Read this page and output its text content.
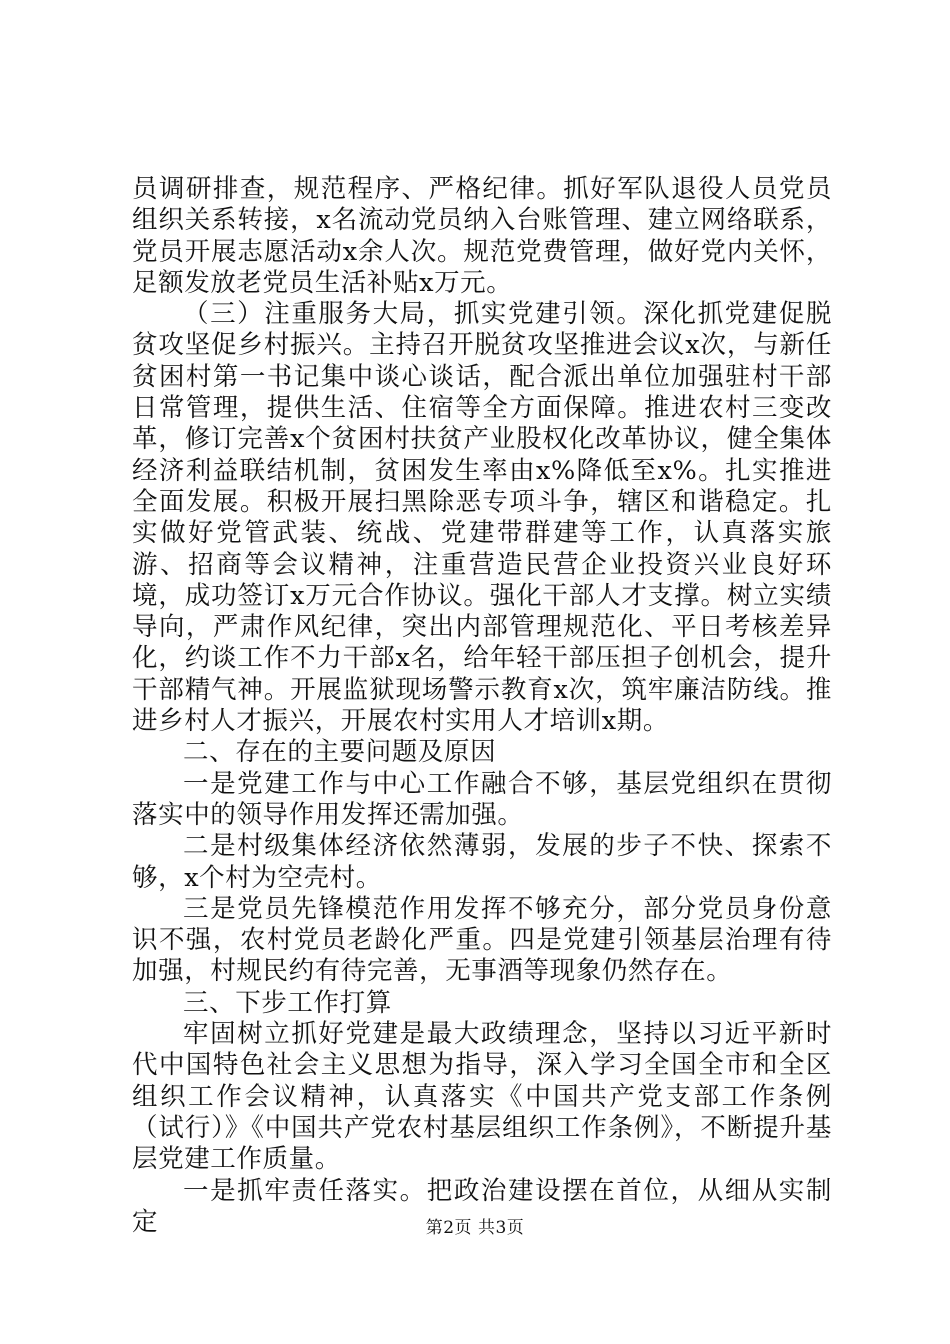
员调研排查，规范程序、严格纪律。抓好军队退役人员党员组织关系转接，x名流动党员纳入台账管理、建立网络联系，党员开展志愿活动x余人次。规范党费管理，做好党内关怀，足额发放老党员生活补贴x万元。

（三）注重服务大局，抓实党建引领。深化抓党建促脱贫攻坚促乡村振兴。主持召开脱贫攻坚推进会议x次，与新任贫困村第一书记集中谈心谈话，配合派出单位加强驻村干部日常管理，提供生活、住宿等全方面保障。推进农村三变改革，修订完善x个贫困村扶贫产业股权化改革协议，健全集体经济利益联结机制，贫困发生率由x%降低至x%。扎实推进全面发展。积极开展扫黑除恶专项斗争，辖区和谐稳定。扎实做好党管武装、统战、党建带群建等工作，认真落实旅游、招商等会议精神，注重营造民营企业投资兴业良好环境，成功签订x万元合作协议。强化干部人才支撑。树立实绩导向，严肃作风纪律，突出内部管理规范化、平日考核差异化，约谈工作不力干部x名，给年轻干部压担子创机会，提升干部精气神。开展监狱现场警示教育x次，筑牢廉洁防线。推进乡村人才振兴，开展农村实用人才培训x期。

二、存在的主要问题及原因

一是党建工作与中心工作融合不够，基层党组织在贯彻落实中的领导作用发挥还需加强。

二是村级集体经济依然薄弱，发展的步子不快、探索不够，x个村为空壳村。

三是党员先锋模范作用发挥不够充分，部分党员身份意识不强，农村党员老龄化严重。四是党建引领基层治理有待加强，村规民约有待完善，无事酒等现象仍然存在。

三、下步工作打算

牢固树立抓好党建是最大政绩理念，坚持以习近平新时代中国特色社会主义思想为指导，深入学习全国全市和全区组织工作会议精神，认真落实《中国共产党支部工作条例（试行）》《中国共产党农村基层组织工作条例》，不断提升基层党建工作质量。

一是抓牢责任落实。把政治建设摆在首位，从细从实制定	第2页 共3页
